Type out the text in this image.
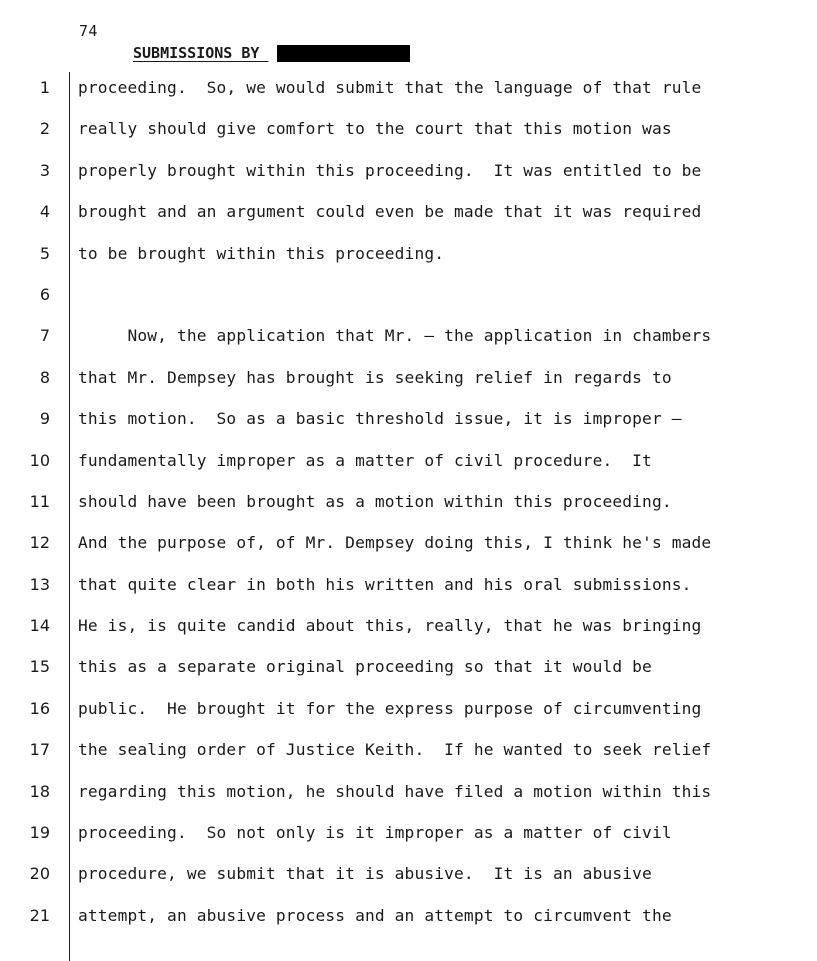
74
SUBMISSIONS BY
1 proceeding.  So, we would submit that the language of that rule
2 really should give comfort to the court that this motion was
3 properly brought within this proceeding.  It was entitled to be
4 brought and an argument could even be made that it was required
5 to be brought within this proceeding.
6
7 Now, the application that Mr. — the application in chambers
8 that Mr. Dempsey has brought is seeking relief in regards to
9 this motion.  So as a basic threshold issue, it is improper —
10 fundamentally improper as a matter of civil procedure.  It
11 should have been brought as a motion within this proceeding.
12 And the purpose of, of Mr. Dempsey doing this, I think he's made
13 that quite clear in both his written and his oral submissions.
14 He is, is quite candid about this, really, that he was bringing
15 this as a separate original proceeding so that it would be
16 public.  He brought it for the express purpose of circumventing
17 the sealing order of Justice Keith.  If he wanted to seek relief
18 regarding this motion, he should have filed a motion within this
19 proceeding.  So not only is it improper as a matter of civil
20 procedure, we submit that it is abusive.  It is an abusive
21 attempt, an abusive process and an attempt to circumvent the
